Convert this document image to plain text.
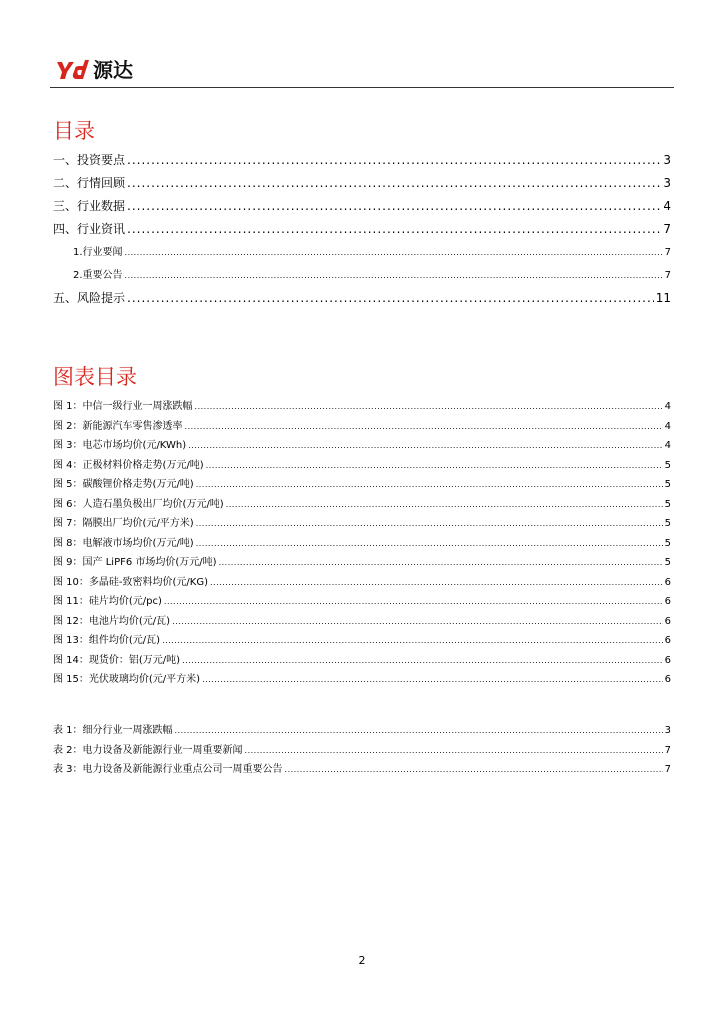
源达
目录
一、投资要点 .....	3
二、行情回顾 .....	3
三、行业数据 .....	4
四、行业资讯 .....	7
1.行业要闻 .....	7
2.重要公告 .....	7
五、风险提示 .....	11
图表目录
图 1：中信一级行业一周涨跌幅 .....	4
图 2：新能源汽车零售渗透率 .....	4
图 3：电芯市场均价(元/KWh) .....	4
图 4：正极材料价格走势(万元/吨) .....	5
图 5：碳酸锂价格走势(万元/吨) .....	5
图 6：人造石墨负极出厂均价(万元/吨) .....	5
图 7：隔膜出厂均价(元/平方米) .....	5
图 8：电解液市场均价(万元/吨) .....	5
图 9：国产 LiPF6 市场均价(万元/吨) .....	5
图 10：多晶硅-致密料均价(元/KG) .....	6
图 11：硅片均价(元/pc) .....	6
图 12：电池片均价(元/瓦) .....	6
图 13：组件均价(元/瓦) .....	6
图 14：现货价：铝(万元/吨) .....	6
图 15：光伏玻璃均价(元/平方米) .....	6
表 1：细分行业一周涨跌幅 .....	3
表 2：电力设备及新能源行业一周重要新闻 .....	7
表 3：电力设备及新能源行业重点公司一周重要公告 .....	7
2
